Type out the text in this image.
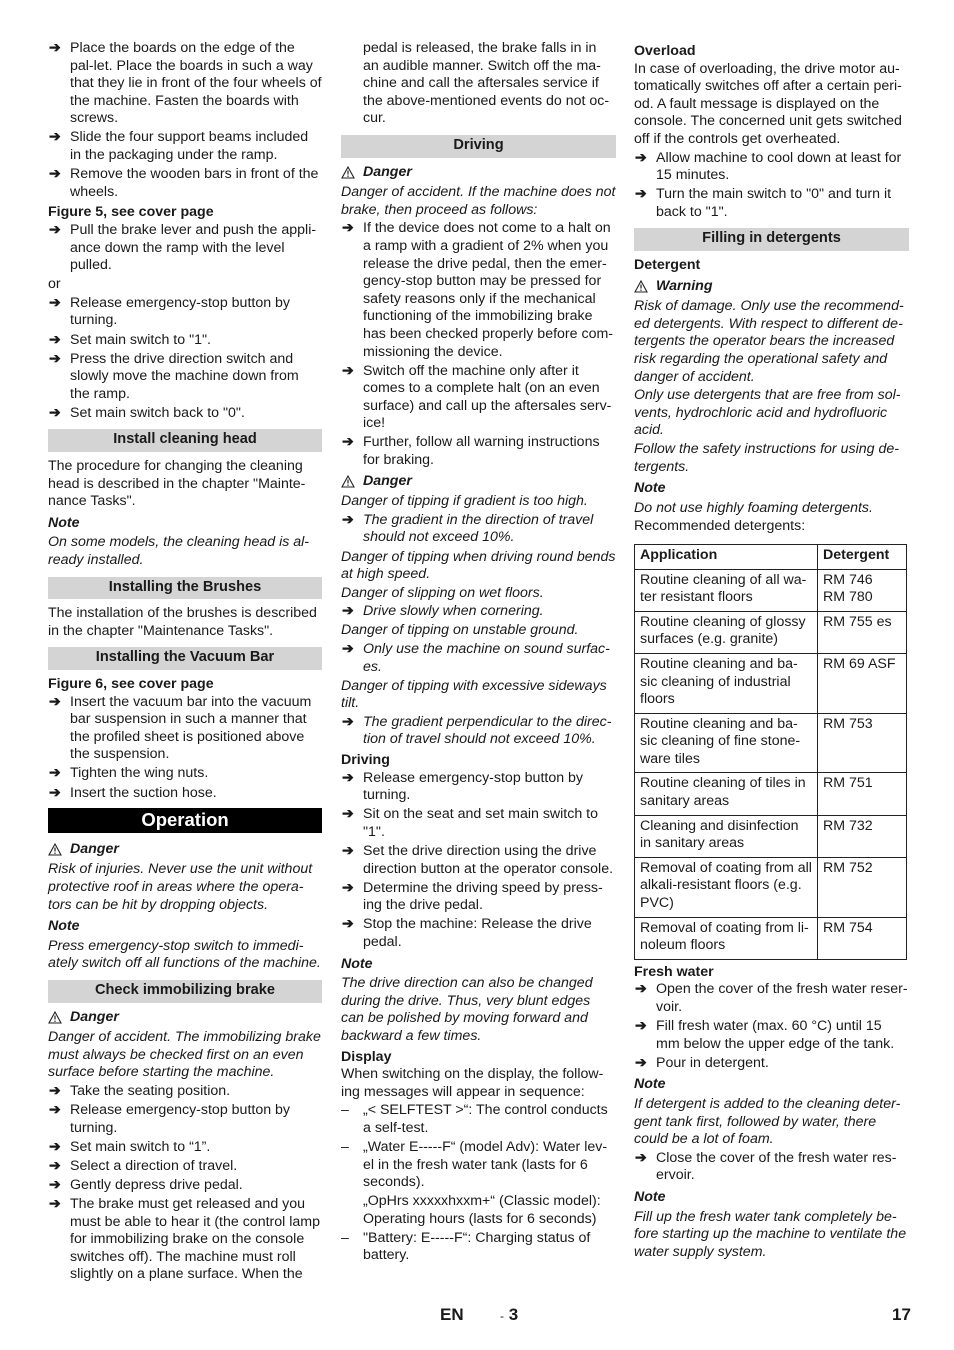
➔ Place the boards on the edge of the pal-let. Place the boards in such a way that they lie in front of the four wheels of the machine. Fasten the boards with screws.
➔ Slide the four support beams included in the packaging under the ramp.
➔ Remove the wooden bars in front of the wheels.
Figure 5, see cover page
➔ Pull the brake lever and push the appli-ance down the ramp with the level pulled.

or

➔ Release emergency-stop button by turning.
➔ Set main switch to "1".
➔ Press the drive direction switch and slowly move the machine down from the ramp.
➔ Set main switch back to "0".
Install cleaning head

The procedure for changing the cleaning head is described in the chapter "Mainte-nance Tasks".

Note

On some models, the cleaning head is al-ready installed.

Installing the Brushes

The installation of the brushes is described in the chapter "Maintenance Tasks".

Installing the Vacuum Bar
Figure 6, see cover page
➔ Insert the vacuum bar into the vacuum bar suspension in such a manner that the profiled sheet is positioned above the suspension.
➔ Tighten the wing nuts.
➔ Insert the suction hose.
Operation
Danger

Risk of injuries. Never use the unit without protective roof in areas where the opera-tors can be hit by dropping objects.

Note

Press emergency-stop switch to immedi-ately switch off all functions of the machine.

Check immobilizing brake
Danger

Danger of accident. The immobilizing brake must always be checked first on an even surface before starting the machine.

➔ Take the seating position.
➔ Release emergency-stop button by turning.
➔ Set main switch to “1”.
➔ Select a direction of travel.
➔ Gently depress drive pedal.
➔ The brake must get released and you must be able to hear it (the control lamp for immobilizing brake on the console switches off). The machine must roll slightly on a plane surface. When the

pedal is released, the brake falls in in an audible manner. Switch off the ma-chine and call the aftersales service if the above-mentioned events do not oc-cur.

Driving
Danger

Danger of accident. If the machine does not brake, then proceed as follows:

➔ If the device does not come to a halt on a ramp with a gradient of 2% when you release the drive pedal, then the emer-gency-stop button may be pressed for safety reasons only if the mechanical functioning of the immobilizing brake has been checked properly before com-missioning the device.
➔ Switch off the machine only after it comes to a complete halt (on an even surface) and call up the aftersales serv-ice!
➔ Further, follow all warning instructions for braking.
Danger

Danger of tipping if gradient is too high.

➔ The gradient in the direction of travel should not exceed 10%.

Danger of tipping when driving round bends at high speed.

Danger of slipping on wet floors.

➔ Drive slowly when cornering.

Danger of tipping on unstable ground.

➔ Only use the machine on sound surfac-es.

Danger of tipping with excessive sideways tilt.

➔ The gradient perpendicular to the direc-tion of travel should not exceed 10%.
Driving
➔ Release emergency-stop button by turning.
➔ Sit on the seat and set main switch to "1".
➔ Set the drive direction using the drive direction button at the operator console.
➔ Determine the driving speed by press-ing the drive pedal.
➔ Stop the machine: Release the drive pedal.
Note

The drive direction can also be changed during the drive. Thus, very blunt edges can be polished by moving forward and backward a few times.

Display

When switching on the display, the follow-ing messages will appear in sequence:

– „< SELFTEST >“: The control conducts a self-test.
– „Water E-----F“ (model Adv): Water lev-el in the fresh water tank (lasts for 6 seconds).

„OpHrs xxxxxhxxm+“ (Classic model): Operating hours (lasts for 6 seconds)

– "Battery: E-----F“: Charging status of battery.
Overload

In case of overloading, the drive motor au-tomatically switches off after a certain peri-od. A fault message is displayed on the console. The concerned unit gets switched off if the controls get overheated.

➔ Allow machine to cool down at least for 15 minutes.
➔ Turn the main switch to "0" and turn it back to "1".
Filling in detergents
Detergent
Warning

Risk of damage. Only use the recommend-ed detergents. With respect to different de-tergents the operator bears the increased risk regarding the operational safety and danger of accident.

Only use detergents that are free from sol-vents, hydrochloric acid and hydrofluoric acid.

Follow the safety instructions for using de-tergents.

Note

Do not use highly foaming detergents.

Recommended detergents:

Application	Detergent
Routine cleaning of all wa-ter resistant floors	RM 746
RM 780
Routine cleaning of glossy surfaces (e.g. granite)	RM 755 es
Routine cleaning and ba-sic cleaning of industrial floors	RM 69 ASF
Routine cleaning and ba-sic cleaning of fine stone-ware tiles	RM 753
Routine cleaning of tiles in sanitary areas	RM 751
Cleaning and disinfection in sanitary areas	RM 732
Removal of coating from all alkali-resistant floors (e.g. PVC)	RM 752
Removal of coating from li-noleum floors	RM 754
Fresh water
➔ Open the cover of the fresh water reser-voir.
➔ Fill fresh water (max. 60 °C) until 15 mm below the upper edge of the tank.
➔ Pour in detergent.
Note

If detergent is added to the cleaning deter-gent tank first, followed by water, there could be a lot of foam.

➔ Close the cover of the fresh water res-ervoir.
Note

Fill up the fresh water tank completely be-fore starting up the machine to ventilate the water supply system.

EN	- 3	17
